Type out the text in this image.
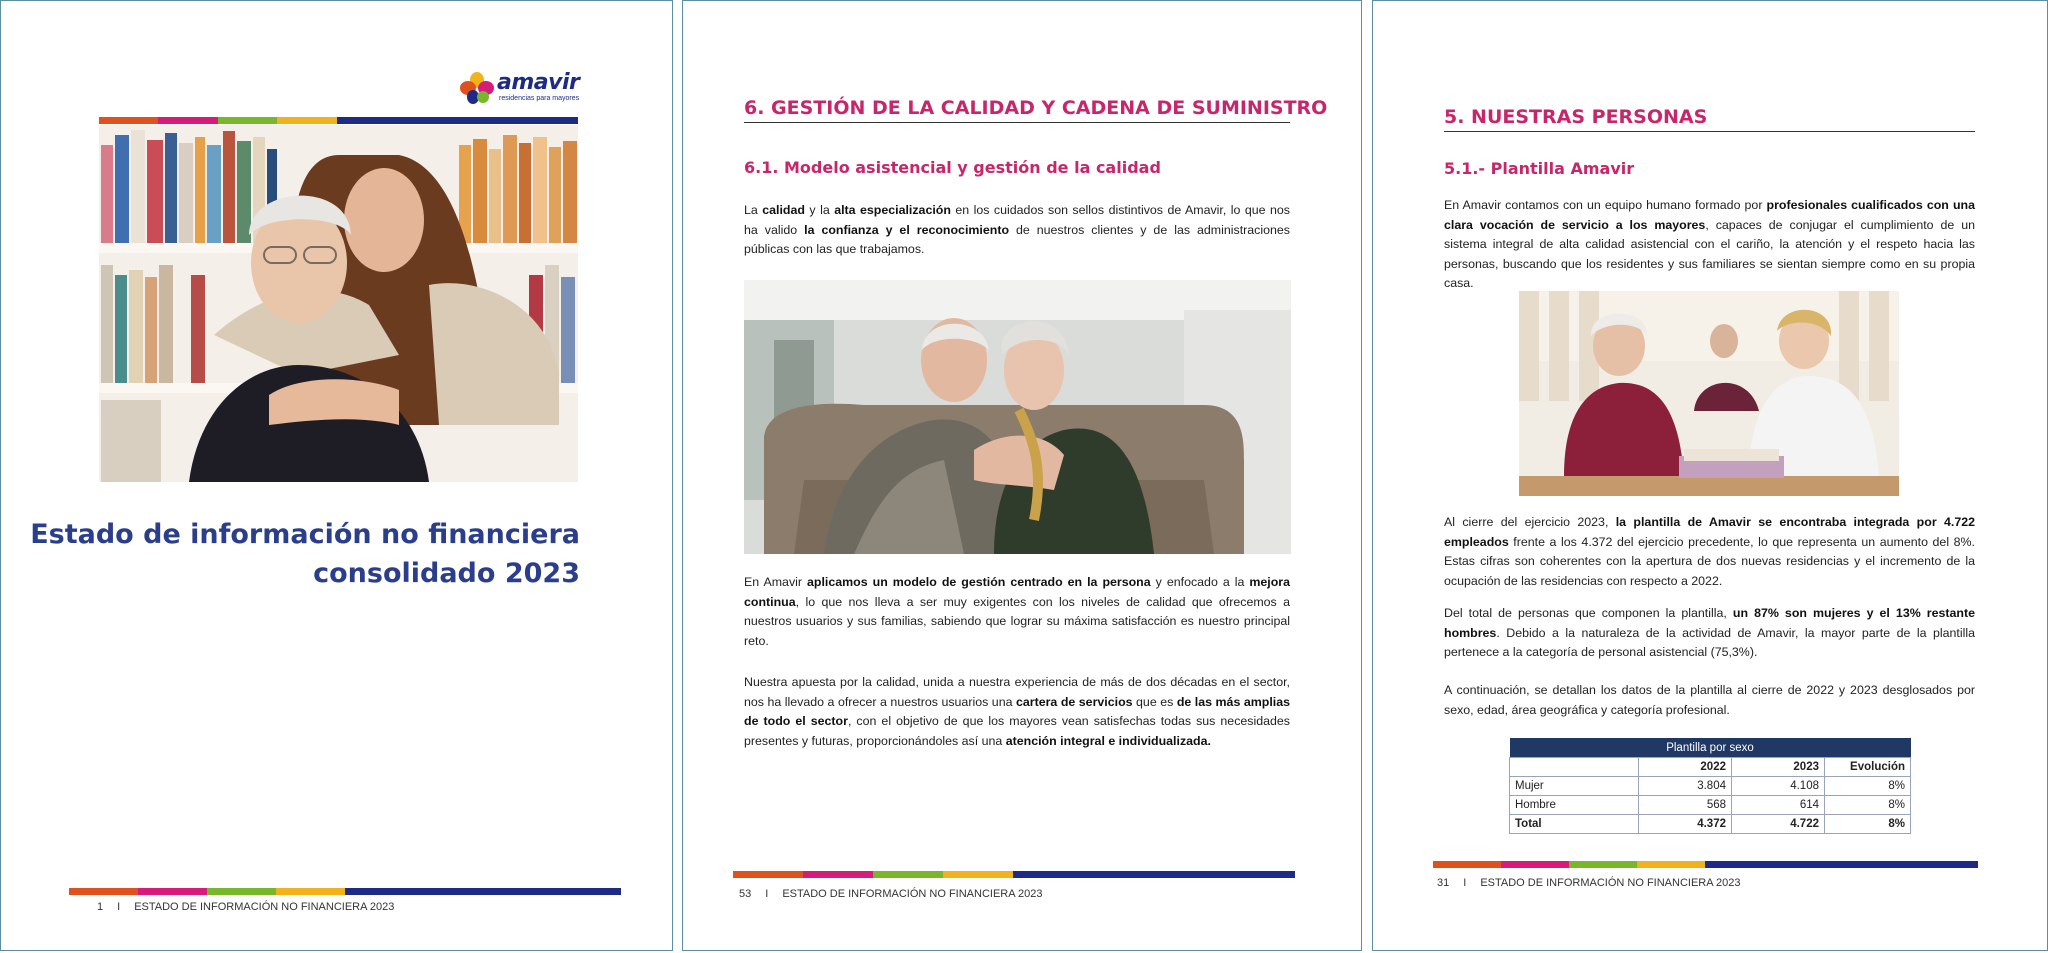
amavir
residencias para mayores
Estado de información no financiera
consolidado 2023
1 I ESTADO DE INFORMACIÓN NO FINANCIERA 2023
6. GESTIÓN DE LA CALIDAD Y CADENA DE SUMINISTRO
6.1. Modelo asistencial y gestión de la calidad
La calidad y la alta especialización en los cuidados son sellos distintivos de Amavir, lo que nos ha valido la confianza y el reconocimiento de nuestros clientes y de las administraciones públicas con las que trabajamos.
En Amavir aplicamos un modelo de gestión centrado en la persona y enfocado a la mejora continua, lo que nos lleva a ser muy exigentes con los niveles de calidad que ofrecemos a nuestros usuarios y sus familias, sabiendo que lograr su máxima satisfacción es nuestro principal reto.
Nuestra apuesta por la calidad, unida a nuestra experiencia de más de dos décadas en el sector, nos ha llevado a ofrecer a nuestros usuarios una cartera de servicios que es de las más amplias de todo el sector, con el objetivo de que los mayores vean satisfechas todas sus necesidades presentes y futuras, proporcionándoles así una atención integral e individualizada.
53 I ESTADO DE INFORMACIÓN NO FINANCIERA 2023
5. NUESTRAS PERSONAS
5.1.- Plantilla Amavir
En Amavir contamos con un equipo humano formado por profesionales cualificados con una clara vocación de servicio a los mayores, capaces de conjugar el cumplimiento de un sistema integral de alta calidad asistencial con el cariño, la atención y el respeto hacia las personas, buscando que los residentes y sus familiares se sientan siempre como en su propia casa.
Al cierre del ejercicio 2023, la plantilla de Amavir se encontraba integrada por 4.722 empleados frente a los 4.372 del ejercicio precedente, lo que representa un aumento del 8%. Estas cifras son coherentes con la apertura de dos nuevas residencias y el incremento de la ocupación de las residencias con respecto a 2022.
Del total de personas que componen la plantilla, un 87% son mujeres y el 13% restante hombres. Debido a la naturaleza de la actividad de Amavir, la mayor parte de la plantilla pertenece a la categoría de personal asistencial (75,3%).
A continuación, se detallan los datos de la plantilla al cierre de 2022 y 2023 desglosados por sexo, edad, área geográfica y categoría profesional.
Plantilla por sexo			
	2022	2023	Evolución
Mujer	3.804	4.108	8%
Hombre	568	614	8%
Total	4.372	4.722	8%
31 I ESTADO DE INFORMACIÓN NO FINANCIERA 2023
